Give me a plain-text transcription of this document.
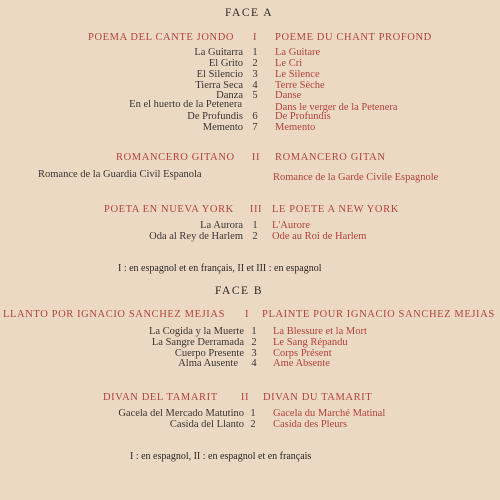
FACE A
POEMA DEL CANTE JONDO	I	POEME DU CHANT PROFOND
La Guitarra 1	La Guitare
El Grito 2	Le Cri
El Silencio 3	Le Silence
Tierra Seca 4	Terre Sèche
Danza 5	Danse
En el huerto de la Petenera	Dans le verger de la Petenera
De Profundis 6	De Profundis
Memento 7	Memento
ROMANCERO GITANO	II	ROMANCERO GITAN
Romance de la Guardia Civil Espanola	Romance de la Garde Civile Espagnole
POETA EN NUEVA YORK	III LE POETE A NEW YORK
La Aurora 1	L'Aurore
Oda al Rey de Harlem 2	Ode au Roi de Harlem
I : en espagnol et en français, II et III : en espagnol
FACE B
LLANTO POR IGNACIO SANCHEZ MEJIAS	I	PLAINTE POUR IGNACIO SANCHEZ MEJIAS
La Cogida y la Muerte 1	La Blessure et la Mort
La Sangre Derramada 2	Le Sang Répandu
Cuerpo Presente 3	Corps Présent
Alma Ausente	4	Ame Absente
DIVAN DEL TAMARIT	II	DIVAN DU TAMARIT
Gacela del Mercado Matutino 1	Gacela du Marché Matinal
Casida del Llanto 2	Casida des Pleurs
I : en espagnol, II : en espagnol et en français
